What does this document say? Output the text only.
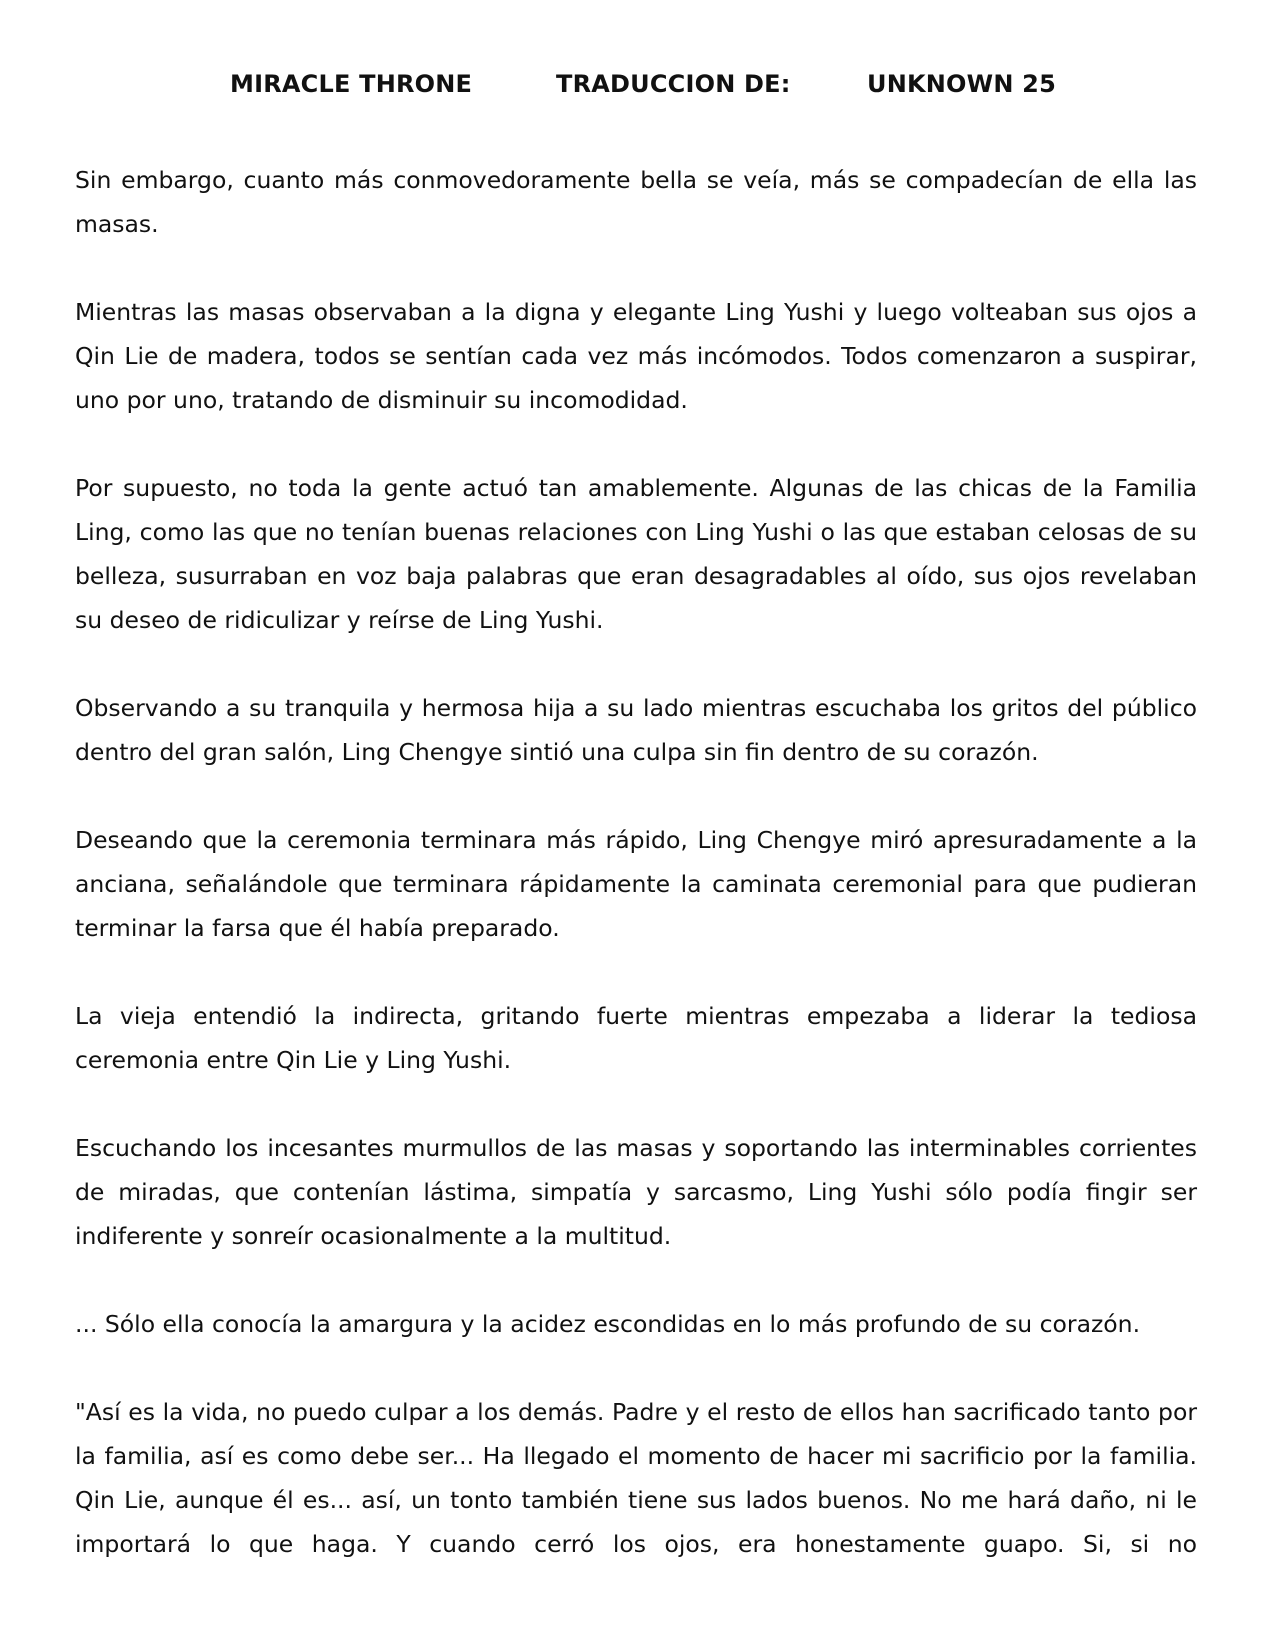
MIRACLE THRONE	TRADUCCION DE:	UNKNOWN 25

Sin embargo, cuanto más conmovedoramente bella se veía, más se compadecían de ella las masas.

Mientras las masas observaban a la digna y elegante Ling Yushi y luego volteaban sus ojos a Qin Lie de madera, todos se sentían cada vez más incómodos. Todos comenzaron a suspirar, uno por uno, tratando de disminuir su incomodidad.

Por supuesto, no toda la gente actuó tan amablemente. Algunas de las chicas de la Familia Ling, como las que no tenían buenas relaciones con Ling Yushi o las que estaban celosas de su belleza, susurraban en voz baja palabras que eran desagradables al oído, sus ojos revelaban su deseo de ridiculizar y reírse de Ling Yushi.

Observando a su tranquila y hermosa hija a su lado mientras escuchaba los gritos del público dentro del gran salón, Ling Chengye sintió una culpa sin fin dentro de su corazón.

Deseando que la ceremonia terminara más rápido, Ling Chengye miró apresuradamente a la anciana, señalándole que terminara rápidamente la caminata ceremonial para que pudieran terminar la farsa que él había preparado.

La vieja entendió la indirecta, gritando fuerte mientras empezaba a liderar la tediosa ceremonia entre Qin Lie y Ling Yushi.

Escuchando los incesantes murmullos de las masas y soportando las interminables corrientes de miradas, que contenían lástima, simpatía y sarcasmo, Ling Yushi sólo podía fingir ser indiferente y sonreír ocasionalmente a la multitud.

... Sólo ella conocía la amargura y la acidez escondidas en lo más profundo de su corazón.

"Así es la vida, no puedo culpar a los demás. Padre y el resto de ellos han sacrificado tanto por la familia, así es como debe ser... Ha llegado el momento de hacer mi sacrificio por la familia. Qin Lie, aunque él es... así, un tonto también tiene sus lados buenos. No me hará daño, ni le importará lo que haga. Y cuando cerró los ojos, era honestamente guapo. Si, si no
